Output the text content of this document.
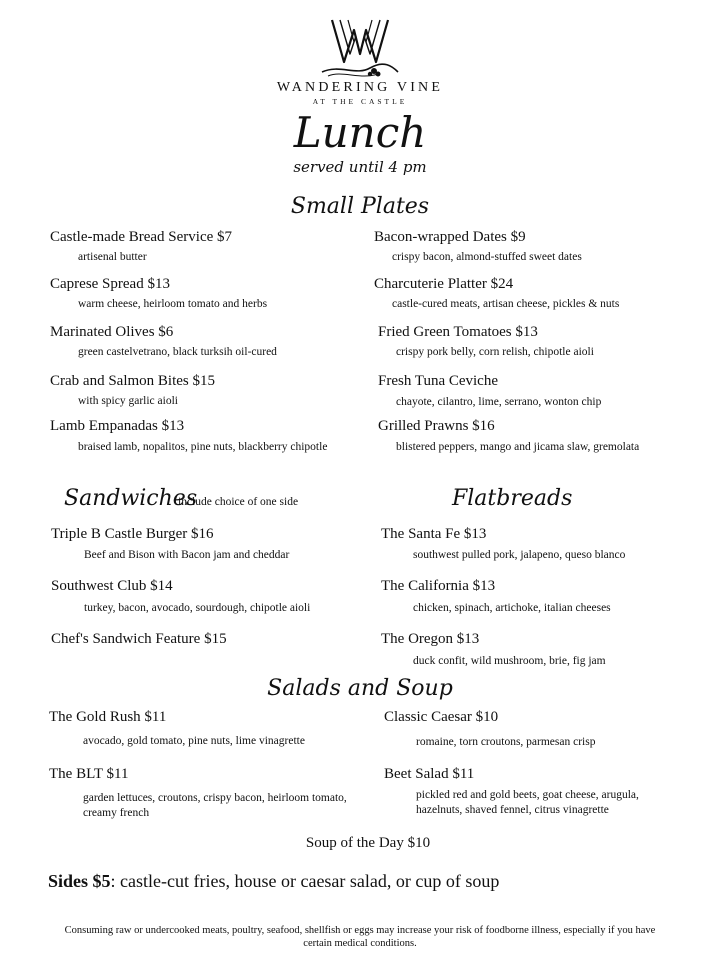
WANDERING VINE
AT THE CASTLE
Lunch
served until 4 pm
Small Plates
Castle-made Bread Service $7
artisenal butter
Caprese Spread $13
warm cheese, heirloom tomato and herbs
Marinated Olives $6
green castelvetrano, black turksih oil-cured
Crab and Salmon Bites $15
with spicy garlic aioli
Lamb Empanadas $13
braised lamb, nopalitos, pine nuts, blackberry chipotle
Bacon-wrapped Dates $9
crispy bacon, almond-stuffed sweet dates
Charcuterie Platter $24
castle-cured meats, artisan cheese, pickles & nuts
Fried Green Tomatoes $13
crispy pork belly, corn relish, chipotle aioli
Fresh Tuna Ceviche
chayote, cilantro, lime, serrano, wonton chip
Grilled Prawns $16
blistered peppers, mango and jicama slaw, gremolata
Sandwiches
include choice of one side
Triple B Castle Burger $16
Beef and Bison with Bacon jam and cheddar
Southwest Club $14
turkey, bacon, avocado, sourdough, chipotle aioli
Chef's Sandwich Feature $15
Flatbreads
The Santa Fe $13
southwest pulled pork, jalapeno, queso blanco
The California $13
chicken, spinach, artichoke, italian cheeses
The Oregon $13
duck confit, wild mushroom, brie, fig jam
Salads and Soup
The Gold Rush $11
avocado, gold tomato, pine nuts, lime vinagrette
The BLT $11
garden lettuces, croutons, crispy bacon, heirloom tomato, creamy french
Classic Caesar $10
romaine, torn croutons, parmesan crisp
Beet Salad $11
pickled red and gold beets, goat cheese, arugula, hazelnuts, shaved fennel, citrus vinagrette
Soup of the Day $10
Sides $5: castle-cut fries, house or caesar salad, or cup of soup
Consuming raw or undercooked meats, poultry, seafood, shellfish or eggs may increase your risk of foodborne illness, especially if you have certain medical conditions.
